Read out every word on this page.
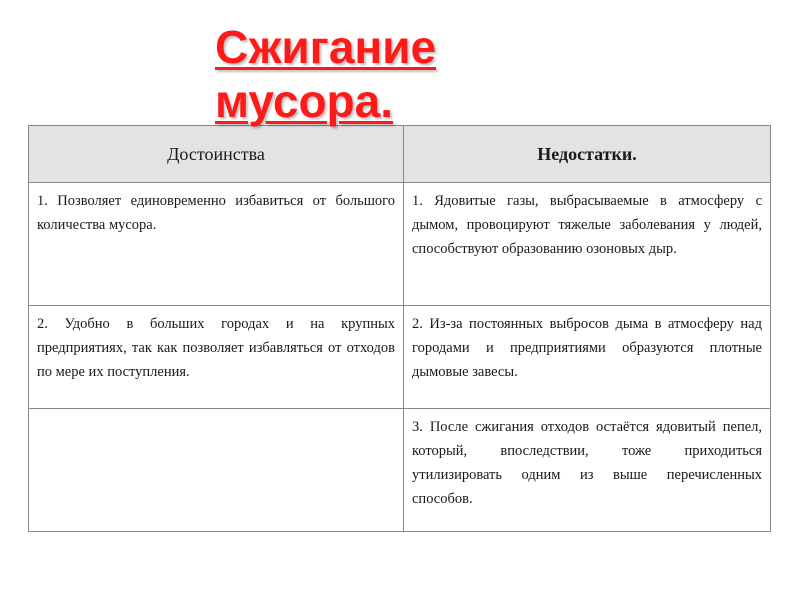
Сжигание
мусора.
Достоинства	Недостатки.
1. Позволяет единовременно избавиться от большого количества мусора.	1. Ядовитые газы, выбрасываемые в атмосферу с дымом, провоцируют тяжелые заболевания у людей, способствуют образованию озоновых дыр.
2. Удобно в больших городах и на крупных предприятиях, так как позволяет избавляться от отходов по мере их поступления.	2. Из-за постоянных выбросов дыма в атмосферу над городами и предприятиями образуются плотные дымовые завесы.
	3. После сжигания отходов остаётся ядовитый пепел, который, впоследствии, тоже приходиться утилизировать одним из выше перечисленных способов.
